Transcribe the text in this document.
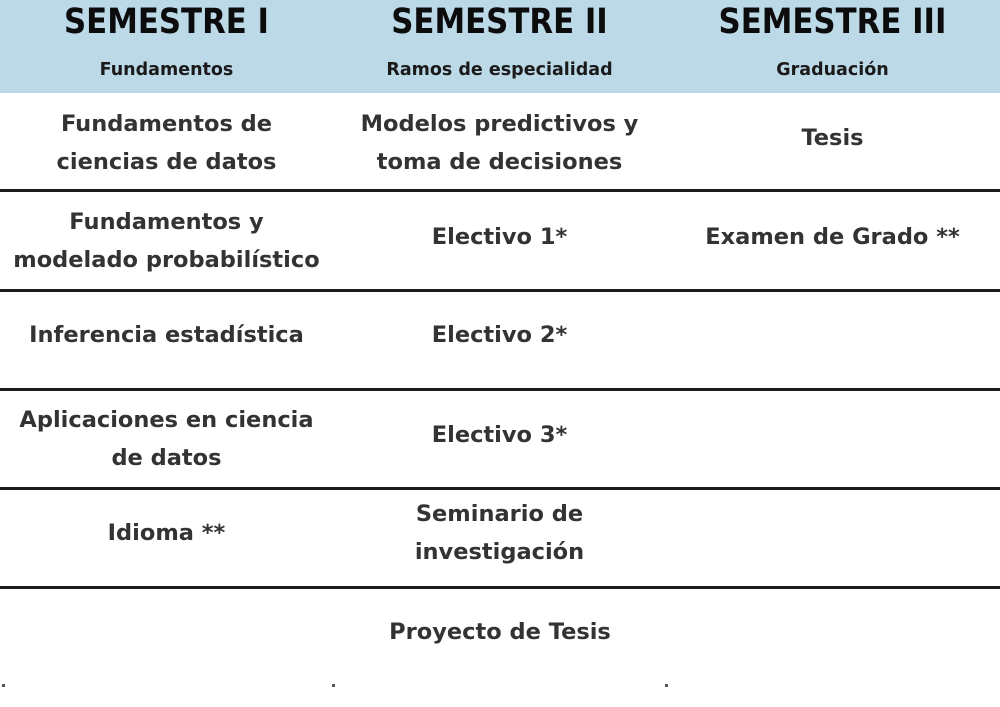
SEMESTRE I
Fundamentos
SEMESTRE II
Ramos de especialidad
SEMESTRE III
Graduación
Fundamentos de ciencias de datos
Modelos predictivos y toma de decisiones
Tesis
Fundamentos y modelado probabilístico
Electivo 1*	Examen de Grado **
Inferencia estadística	Electivo 2*
Aplicaciones en ciencia de datos
Electivo 3*
Idioma **
Seminario de investigación
Proyecto de Tesis
